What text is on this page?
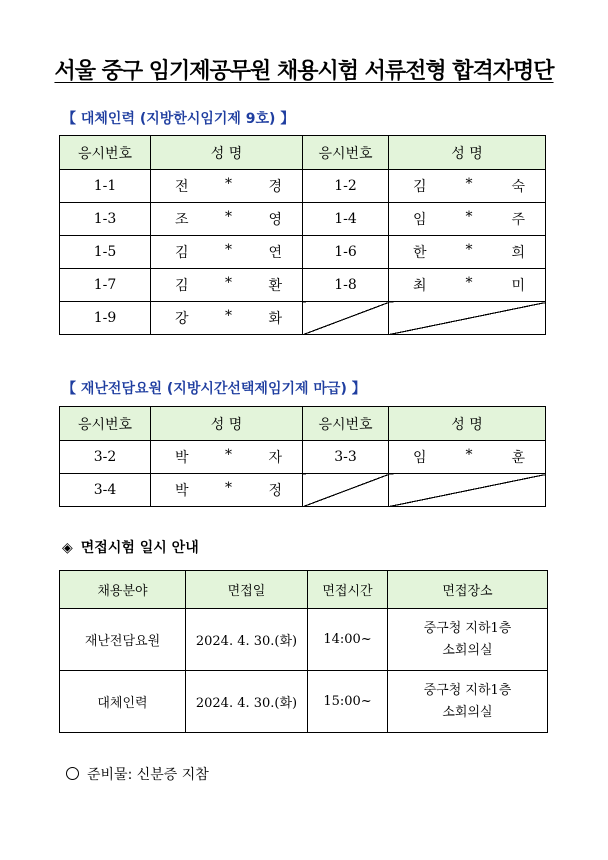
서울 중구 임기제공무원 채용시험 서류전형 합격자명단
【 대체인력 (지방한시임기제 9호) 】
응시번호	성 명	응시번호	성 명
1-1	전 * 경	1-2	김 * 숙

1-3	조 * 영	1-4	임 * 주

1-5	김 * 연	1-6	한 * 희

1-7	김 * 환	1-8	최 * 미

1-9	강 * 화		

【 재난전담요원 (지방시간선택제임기제 마급) 】
응시번호	성 명	응시번호	성 명
3-2	박 * 자	3-3	임 * 훈

3-4	박 * 정		

◈ 면접시험 일시 안내
채용분야	면접일	면접시간	면접장소
재난전담요원	2024. 4. 30.(화)	14:00~	중구청 지하1층
소회의실

대체인력	2024. 4. 30.(화)	15:00~	중구청 지하1층
소회의실
준비물: 신분증 지참
